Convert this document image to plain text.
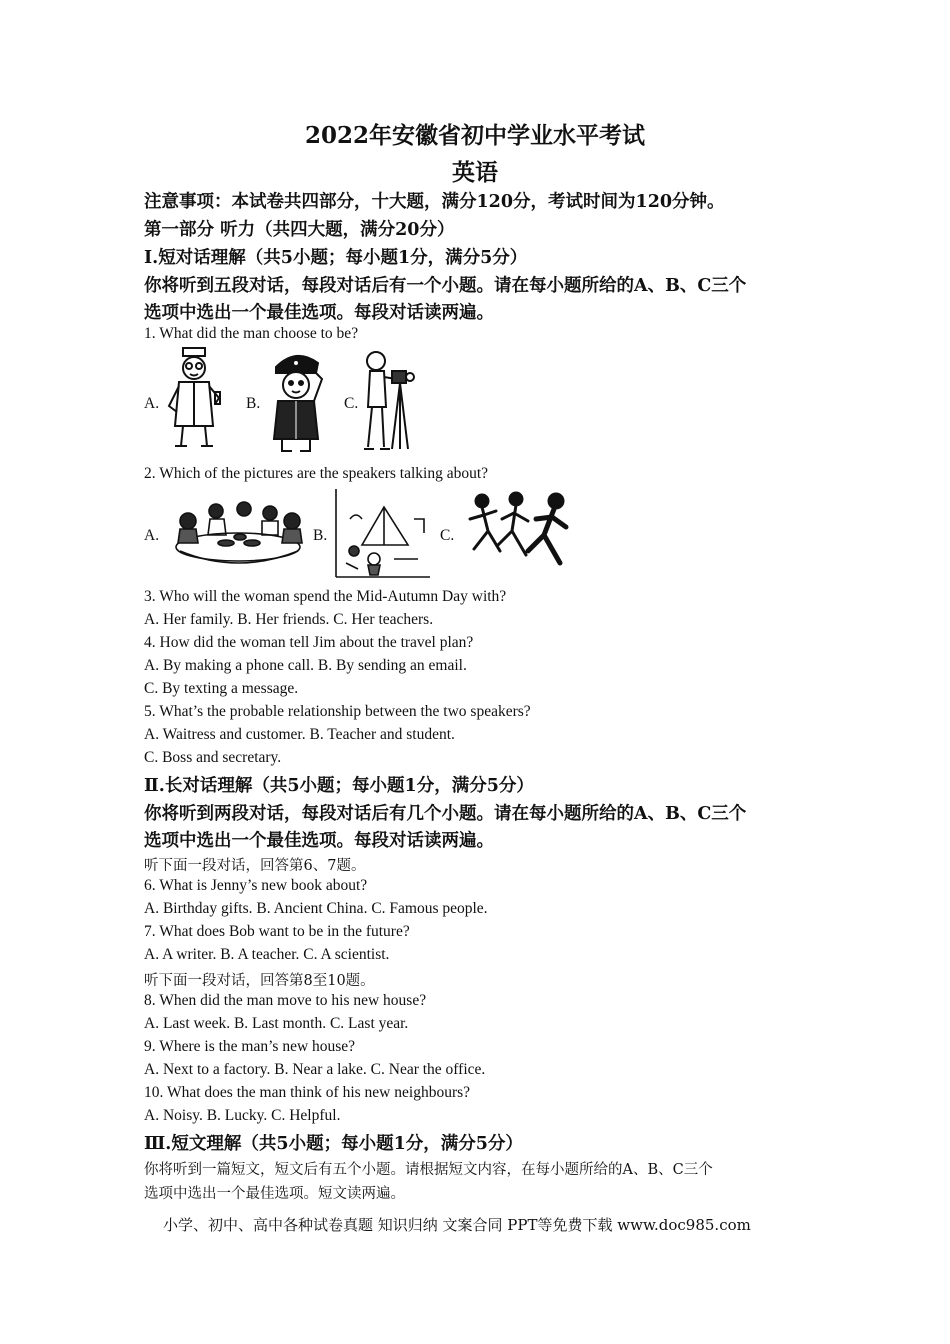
2022年安徽省初中学业水平考试
英语
注意事项：本试卷共四部分，十大题，满分120分，考试时间为120分钟。
第一部分 听力（共四大题，满分20分）
Ⅰ.短对话理解（共5小题；每小题1分，满分5分）
你将听到五段对话，每段对话后有一个小题。请在每小题所给的A、B、C三个
选项中选出一个最佳选项。每段对话读两遍。
1. What did the man choose to be?
A.	B.	C.
2. Which of the pictures are the speakers talking about?
A.	B.	C.
3. Who will the woman spend the Mid-Autumn Day with?
A. Her family. B. Her friends. C. Her teachers.
4. How did the woman tell Jim about the travel plan?
A. By making a phone call. B. By sending an email.
C. By texting a message.
5. What’s the probable relationship between the two speakers?
A. Waitress and customer. B. Teacher and student.
C. Boss and secretary.
Ⅱ.长对话理解（共5小题；每小题1分，满分5分）
你将听到两段对话，每段对话后有几个小题。请在每小题所给的A、B、C三个
选项中选出一个最佳选项。每段对话读两遍。
听下面一段对话，回答第6、7题。
6. What is Jenny’s new book about?
A. Birthday gifts. B. Ancient China. C. Famous people.
7. What does Bob want to be in the future?
A. A writer. B. A teacher. C. A scientist.
听下面一段对话，回答第8至10题。
8. When did the man move to his new house?
A. Last week. B. Last month. C. Last year.
9. Where is the man’s new house?
A. Next to a factory. B. Near a lake. C. Near the office.
10. What does the man think of his new neighbours?
A. Noisy. B. Lucky. C. Helpful.
Ⅲ.短文理解（共5小题；每小题1分，满分5分）
你将听到一篇短文，短文后有五个小题。请根据短文内容，在每小题所给的A、B、C三个
选项中选出一个最佳选项。短文读两遍。
小学、初中、高中各种试卷真题 知识归纳 文案合同 PPT等免费下载 www.doc985.com
